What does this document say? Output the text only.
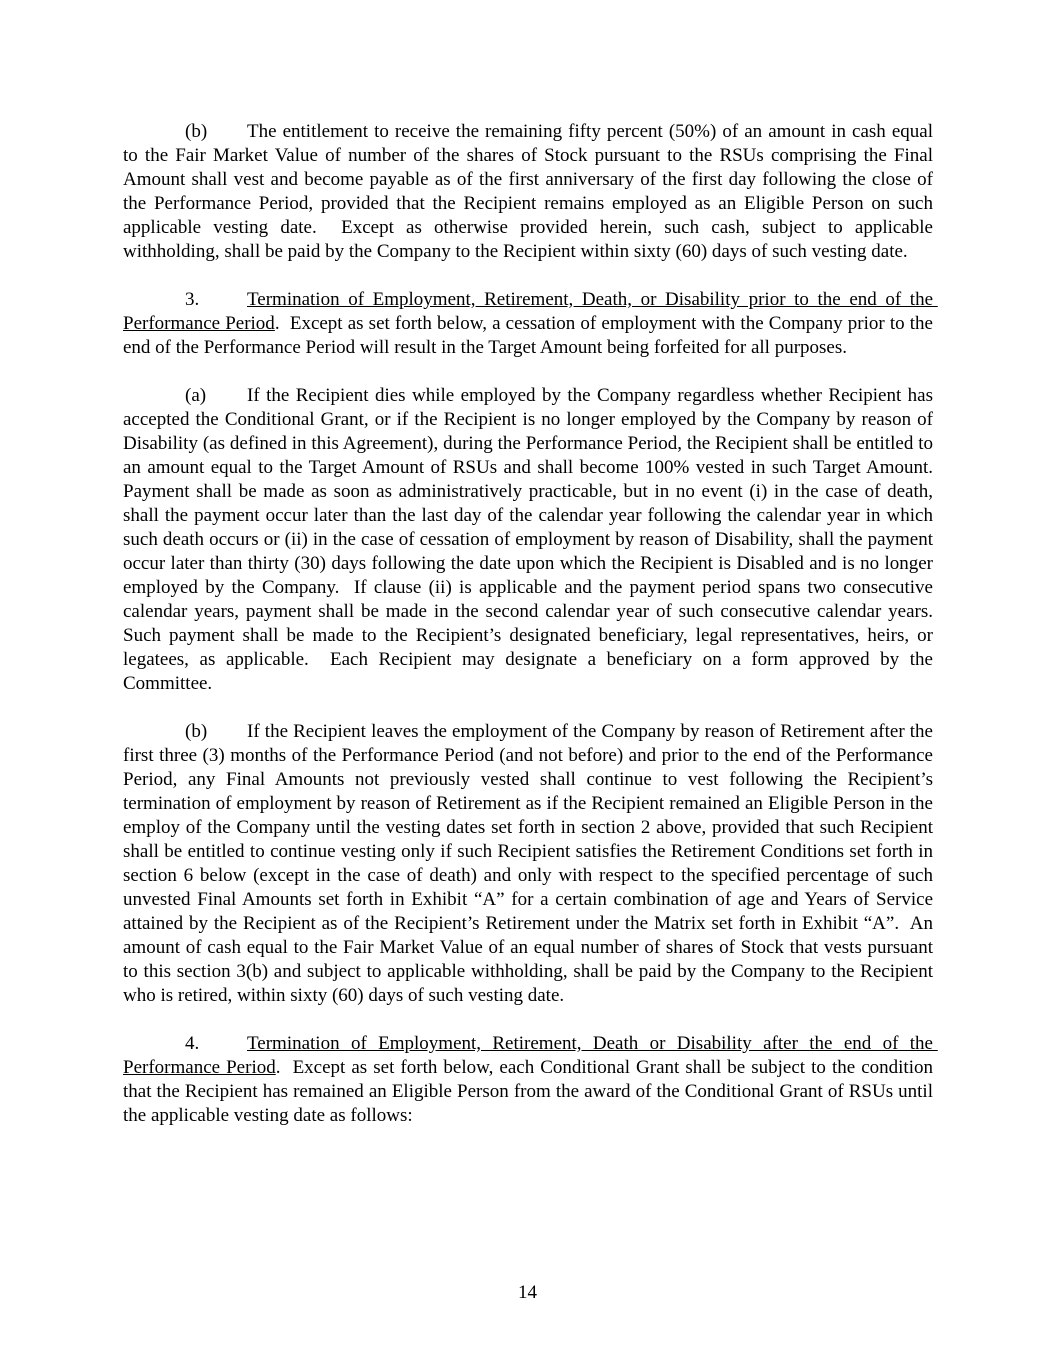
(b) The entitlement to receive the remaining fifty percent (50%) of an amount in cash equal to the Fair Market Value of number of the shares of Stock pursuant to the RSUs comprising the Final Amount shall vest and become payable as of the first anniversary of the first day following the close of the Performance Period, provided that the Recipient remains employed as an Eligible Person on such applicable vesting date.  Except as otherwise provided herein, such cash, subject to applicable withholding, shall be paid by the Company to the Recipient within sixty (60) days of such vesting date.

3.	Termination of Employment, Retirement, Death, or Disability prior to the end of the Performance Period.  Except as set forth below, a cessation of employment with the Company prior to the end of the Performance Period will result in the Target Amount being forfeited for all purposes.

(a) If the Recipient dies while employed by the Company regardless whether Recipient has accepted the Conditional Grant, or if the Recipient is no longer employed by the Company by reason of Disability (as defined in this Agreement), during the Performance Period, the Recipient shall be entitled to an amount equal to the Target Amount of RSUs and shall become 100% vested in such Target Amount.  Payment shall be made as soon as administratively practicable, but in no event (i) in the case of death, shall the payment occur later than the last day of the calendar year following the calendar year in which such death occurs or (ii) in the case of cessation of employment by reason of Disability, shall the payment occur later than thirty (30) days following the date upon which the Recipient is Disabled and is no longer employed by the Company.  If clause (ii) is applicable and the payment period spans two consecutive calendar years, payment shall be made in the second calendar year of such consecutive calendar years.  Such payment shall be made to the Recipient’s designated beneficiary, legal representatives, heirs, or legatees, as applicable.  Each Recipient may designate a beneficiary on a form approved by the Committee.

(b) If the Recipient leaves the employment of the Company by reason of Retirement after the first three (3) months of the Performance Period (and not before) and prior to the end of the Performance Period, any Final Amounts not previously vested shall continue to vest following the Recipient’s termination of employment by reason of Retirement as if the Recipient remained an Eligible Person in the employ of the Company until the vesting dates set forth in section 2 above, provided that such Recipient shall be entitled to continue vesting only if such Recipient satisfies the Retirement Conditions set forth in section 6 below (except in the case of death) and only with respect to the specified percentage of such unvested Final Amounts set forth in Exhibit “A” for a certain combination of age and Years of Service attained by the Recipient as of the Recipient’s Retirement under the Matrix set forth in Exhibit “A”.  An amount of cash equal to the Fair Market Value of an equal number of shares of Stock that vests pursuant to this section 3(b) and subject to applicable withholding, shall be paid by the Company to the Recipient who is retired, within sixty (60) days of such vesting date.

4.	Termination of Employment, Retirement, Death or Disability after the end of the Performance Period.  Except as set forth below, each Conditional Grant shall be subject to the condition that the Recipient has remained an Eligible Person from the award of the Conditional Grant of RSUs until the applicable vesting date as follows:

14
